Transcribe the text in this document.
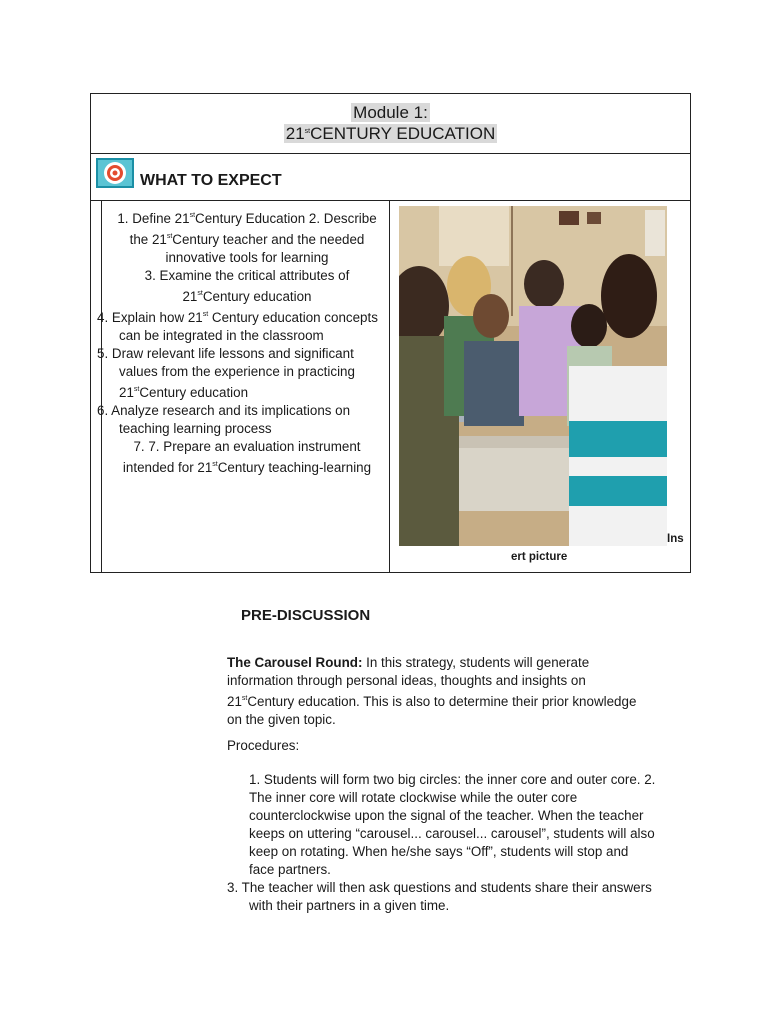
Module 1:
21stCENTURY EDUCATION
WHAT TO EXPECT

1. Define 21stCentury Education 2. Describe the 21stCentury teacher and the needed innovative tools for learning

3. Examine the critical attributes of 21stCentury education

4. Explain how 21st Century education concepts can be integrated in the classroom

5. Draw relevant life lessons and significant values from the experience in practicing 21stCentury education

6. Analyze research and its implications on teaching learning process

7. 7. Prepare an evaluation instrument intended for 21stCentury teaching-learning

Ins
ert picture
PRE-DISCUSSION
The Carousel Round: In this strategy, students will generate information through personal ideas, thoughts and insights on 21stCentury education. This is also to determine their prior knowledge on the given topic.
Procedures:

1. Students will form two big circles: the inner core and outer core. 2. The inner core will rotate clockwise while the outer core counterclockwise upon the signal of the teacher. When the teacher keeps on uttering “carousel... carousel... carousel”, students will also keep on rotating. When he/she says “Off”, students will stop and face partners.

3. The teacher will then ask questions and students share their answers with their partners in a given time.
